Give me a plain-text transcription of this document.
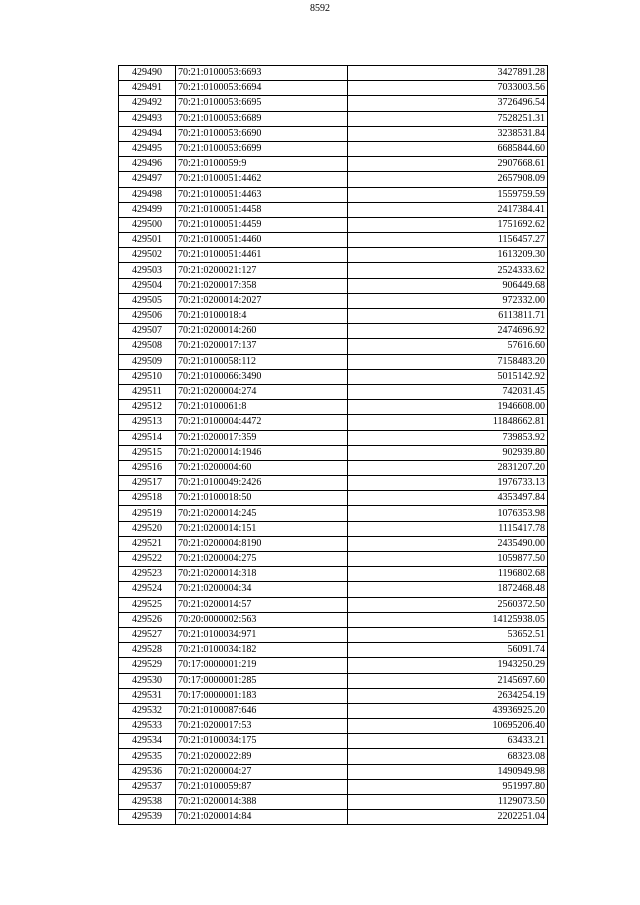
8592
429490	70:21:0100053:6693	3427891.28
429491	70:21:0100053:6694	7033003.56
429492	70:21:0100053:6695	3726496.54
429493	70:21:0100053:6689	7528251.31
429494	70:21:0100053:6690	3238531.84
429495	70:21:0100053:6699	6685844.60
429496	70:21:0100059:9	2907668.61
429497	70:21:0100051:4462	2657908.09
429498	70:21:0100051:4463	1559759.59
429499	70:21:0100051:4458	2417384.41
429500	70:21:0100051:4459	1751692.62
429501	70:21:0100051:4460	1156457.27
429502	70:21:0100051:4461	1613209.30
429503	70:21:0200021:127	2524333.62
429504	70:21:0200017:358	906449.68
429505	70:21:0200014:2027	972332.00
429506	70:21:0100018:4	6113811.71
429507	70:21:0200014:260	2474696.92
429508	70:21:0200017:137	57616.60
429509	70:21:0100058:112	7158483.20
429510	70:21:0100066:3490	5015142.92
429511	70:21:0200004:274	742031.45
429512	70:21:0100061:8	1946608.00
429513	70:21:0100004:4472	11848662.81
429514	70:21:0200017:359	739853.92
429515	70:21:0200014:1946	902939.80
429516	70:21:0200004:60	2831207.20
429517	70:21:0100049:2426	1976733.13
429518	70:21:0100018:50	4353497.84
429519	70:21:0200014:245	1076353.98
429520	70:21:0200014:151	1115417.78
429521	70:21:0200004:8190	2435490.00
429522	70:21:0200004:275	1059877.50
429523	70:21:0200014:318	1196802.68
429524	70:21:0200004:34	1872468.48
429525	70:21:0200014:57	2560372.50
429526	70:20:0000002:563	14125938.05
429527	70:21:0100034:971	53652.51
429528	70:21:0100034:182	56091.74
429529	70:17:0000001:219	1943250.29
429530	70:17:0000001:285	2145697.60
429531	70:17:0000001:183	2634254.19
429532	70:21:0100087:646	43936925.20
429533	70:21:0200017:53	10695206.40
429534	70:21:0100034:175	63433.21
429535	70:21:0200022:89	68323.08
429536	70:21:0200004:27	1490949.98
429537	70:21:0100059:87	951997.80
429538	70:21:0200014:388	1129073.50
429539	70:21:0200014:84	2202251.04
